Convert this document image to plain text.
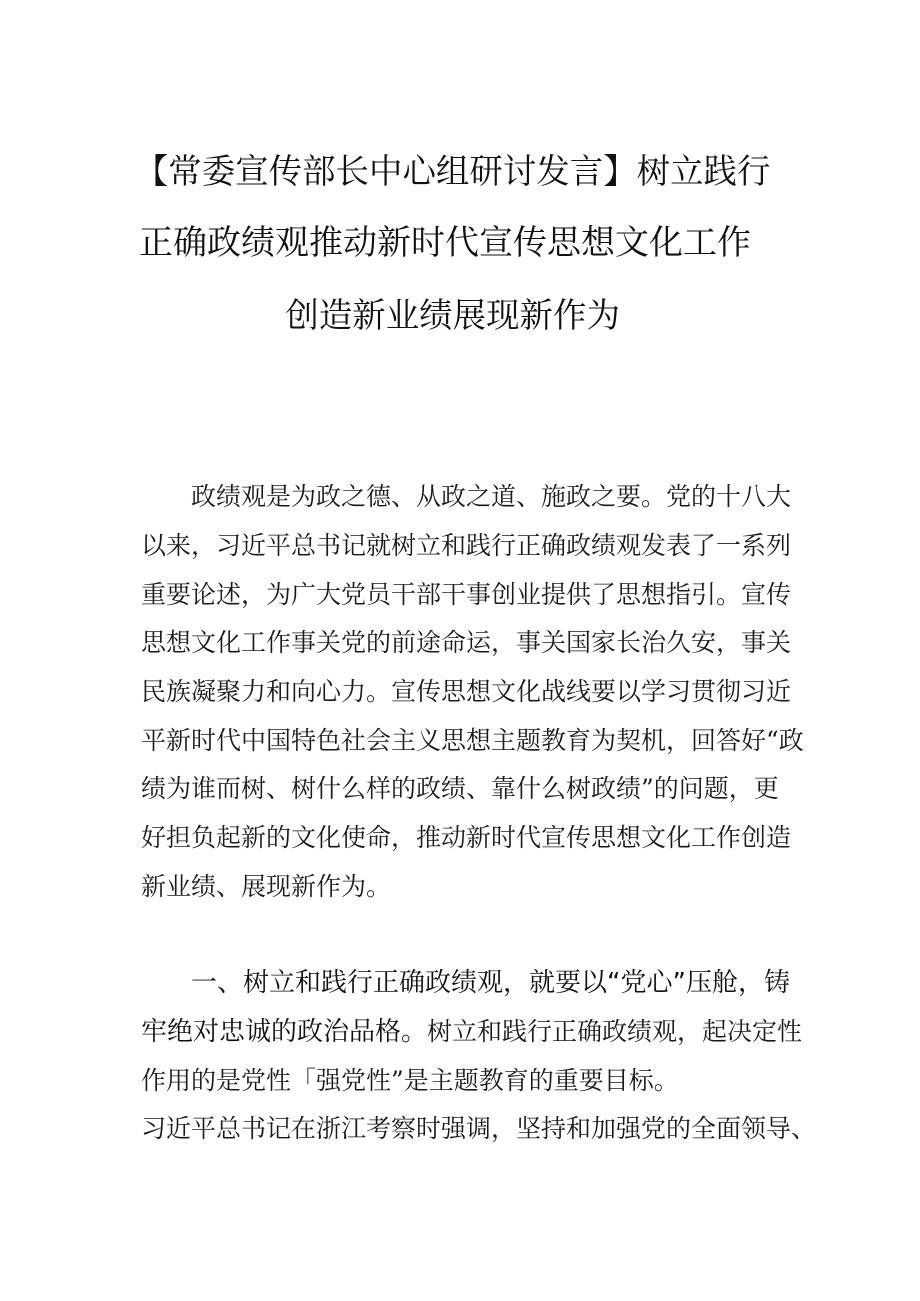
【常委宣传部长中心组研讨发言】树立践行
正确政绩观推动新时代宣传思想文化工作
创造新业绩展现新作为
政绩观是为政之德、从政之道、施政之要。党的十八大
以来，习近平总书记就树立和践行正确政绩观发表了一系列
重要论述，为广大党员干部干事创业提供了思想指引。宣传
思想文化工作事关党的前途命运，事关国家长治久安，事关
民族凝聚力和向心力。宣传思想文化战线要以学习贯彻习近
平新时代中国特色社会主义思想主题教育为契机，回答好“政
绩为谁而树、树什么样的政绩、靠什么树政绩”的问题，更
好担负起新的文化使命，推动新时代宣传思想文化工作创造
新业绩、展现新作为。
一、树立和践行正确政绩观，就要以“党心”压舱，铸
牢绝对忠诚的政治品格。树立和践行正确政绩观，起决定性
作用的是党性「强党性”是主题教育的重要目标。
习近平总书记在浙江考察时强调，坚持和加强党的全面领导、
